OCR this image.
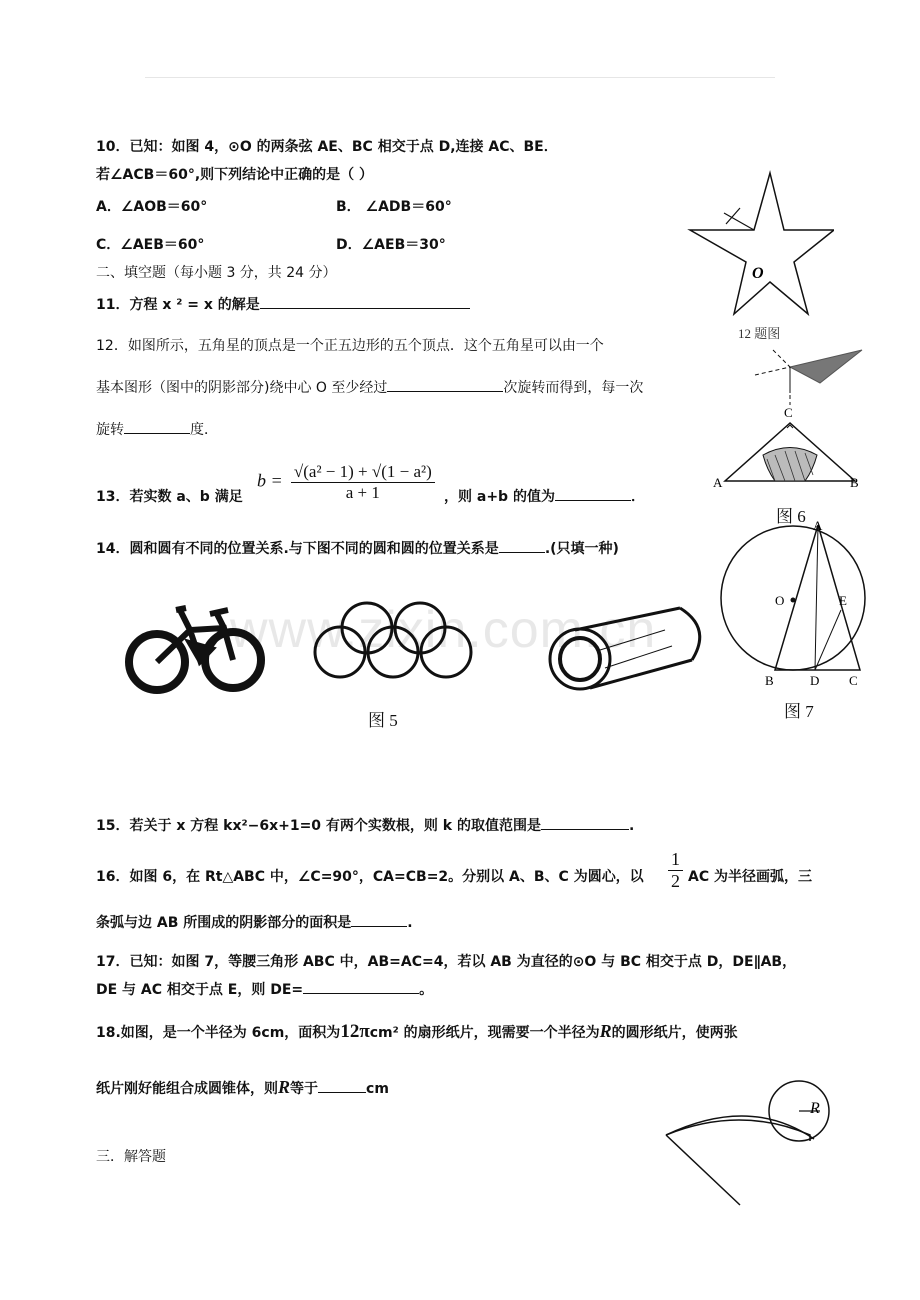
www.zixin.com.cn
10．已知：如图 4，⊙O 的两条弦 AE、BC 相交于点 D,连接 AC、BE．
若∠ACB＝60°,则下列结论中正确的是（ ）
A．∠AOB＝60°	B． ∠ADB＝60°
C．∠AEB＝60°	D．∠AEB＝30°
二、填空题（每小题 3 分，共 24 分）
11．方程 x ² = x 的解是
12．如图所示，五角星的顶点是一个正五边形的五个顶点．这个五角星可以由一个
基本图形（图中的阴影部分)绕中心 O 至少经过	次旋转而得到，每一次
旋转	度．
13．若实数 a、b 满足
$b = \frac{\text{√(a² − 1) + √(1 − a²)}}{a + 1}$ ，则 a+b 的值为	．
14．圆和圆有不同的位置关系.与下图不同的圆和圆的位置关系是	.(只填一种)
图 5
O
12 题图
C
A	B
图 6 A
O	E
B	D C
图 7
15．若关于 x 方程 kx²−6x+1=0 有两个实数根，则 k 的取值范围是	.
16．如图 6，在 Rt△ABC 中，∠C=90°，CA=CB=2。分别以 A、B、C 为圆心，以 $\frac{1}{2}$ AC 为半径画弧，三
条弧与边 AB 所围成的阴影部分的面积是	.
17．已知：如图 7，等腰三角形 ABC 中，AB=AC=4，若以 AB 为直径的⊙O 与 BC 相交于点 D，DE∥AB，
DE 与 AC 相交于点 E，则 DE=	。
18.如图，是一个半径为 6cm，面积为12πcm² 的扇形纸片，现需要一个半径为R的圆形纸片，使两张
纸片刚好能组合成圆锥体，则R等于	cm
R
三．解答题
